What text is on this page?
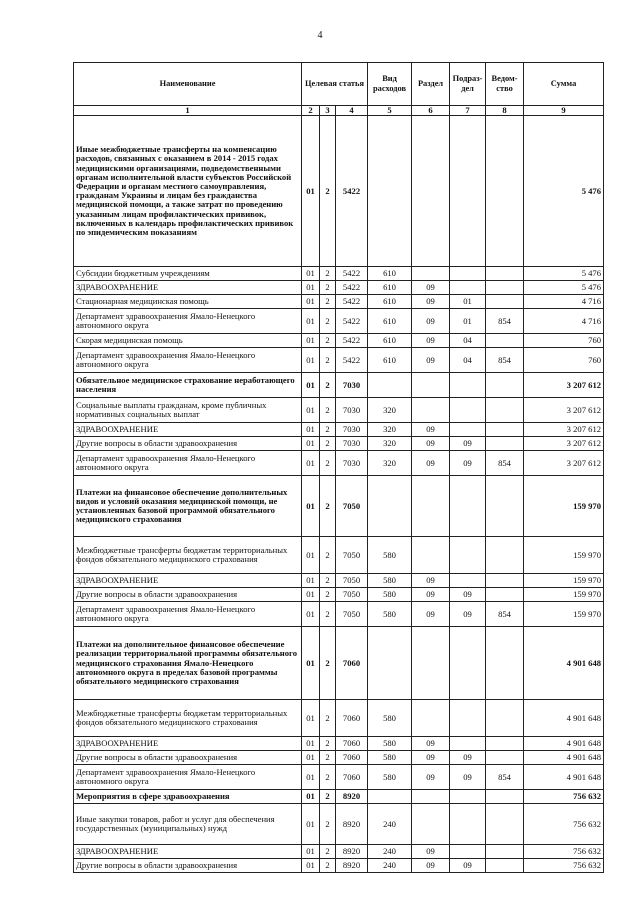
4
Наименование	Целевая статья			Вид расходов	Раздел	Подраз-дел	Ведом-ство	Сумма
1	2	3	4	5	6	7	8	9
Иные межбюджетные трансферты на компенсацию расходов, связанных с оказанием в 2014 - 2015 годах медицинскими организациями, подведомственными органам исполнительной власти субъектов Российской Федерации и органам местного самоуправления, гражданам Украины и лицам без гражданства медицинской помощи, а также затрат по проведению указанным лицам профилактических прививок, включенных в календарь профилактических прививок по эпидемическим показаниям	01	2	5422					5 476
Субсидии бюджетным учреждениям	01	2	5422	610				5 476
ЗДРАВООХРАНЕНИЕ	01	2	5422	610	09			5 476
Стационарная медицинская помощь	01	2	5422	610	09	01		4 716
Департамент здравоохранения Ямало-Ненецкого автономного округа	01	2	5422	610	09	01	854	4 716
Скорая медицинская помощь	01	2	5422	610	09	04		760
Департамент здравоохранения Ямало-Ненецкого автономного округа	01	2	5422	610	09	04	854	760
Обязательное медицинское страхование неработающего населения	01	2	7030					3 207 612
Социальные выплаты гражданам, кроме публичных нормативных социальных выплат	01	2	7030	320				3 207 612
ЗДРАВООХРАНЕНИЕ	01	2	7030	320	09			3 207 612
Другие вопросы в области здравоохранения	01	2	7030	320	09	09		3 207 612
Департамент здравоохранения Ямало-Ненецкого автономного округа	01	2	7030	320	09	09	854	3 207 612
Платежи на финансовое обеспечение дополнительных видов и условий оказания медицинской помощи, не установленных базовой программой обязательного медицинского страхования	01	2	7050					159 970
Межбюджетные трансферты бюджетам территориальных фондов обязательного медицинского страхования	01	2	7050	580				159 970
ЗДРАВООХРАНЕНИЕ	01	2	7050	580	09			159 970
Другие вопросы в области здравоохранения	01	2	7050	580	09	09		159 970
Департамент здравоохранения Ямало-Ненецкого автономного округа	01	2	7050	580	09	09	854	159 970
Платежи на дополнительное финансовое обеспечение реализации территориальной программы обязательного медицинского страхования Ямало-Ненецкого автономного округа в пределах базовой программы обязательного медицинского страхования	01	2	7060					4 901 648
Межбюджетные трансферты бюджетам территориальных фондов обязательного медицинского страхования	01	2	7060	580				4 901 648
ЗДРАВООХРАНЕНИЕ	01	2	7060	580	09			4 901 648
Другие вопросы в области здравоохранения	01	2	7060	580	09	09		4 901 648
Департамент здравоохранения Ямало-Ненецкого автономного округа	01	2	7060	580	09	09	854	4 901 648
Мероприятия в сфере здравоохранения	01	2	8920					756 632
Иные закупки товаров, работ и услуг для обеспечения государственных (муниципальных) нужд	01	2	8920	240				756 632
ЗДРАВООХРАНЕНИЕ	01	2	8920	240	09			756 632
Другие вопросы в области здравоохранения	01	2	8920	240	09	09		756 632
